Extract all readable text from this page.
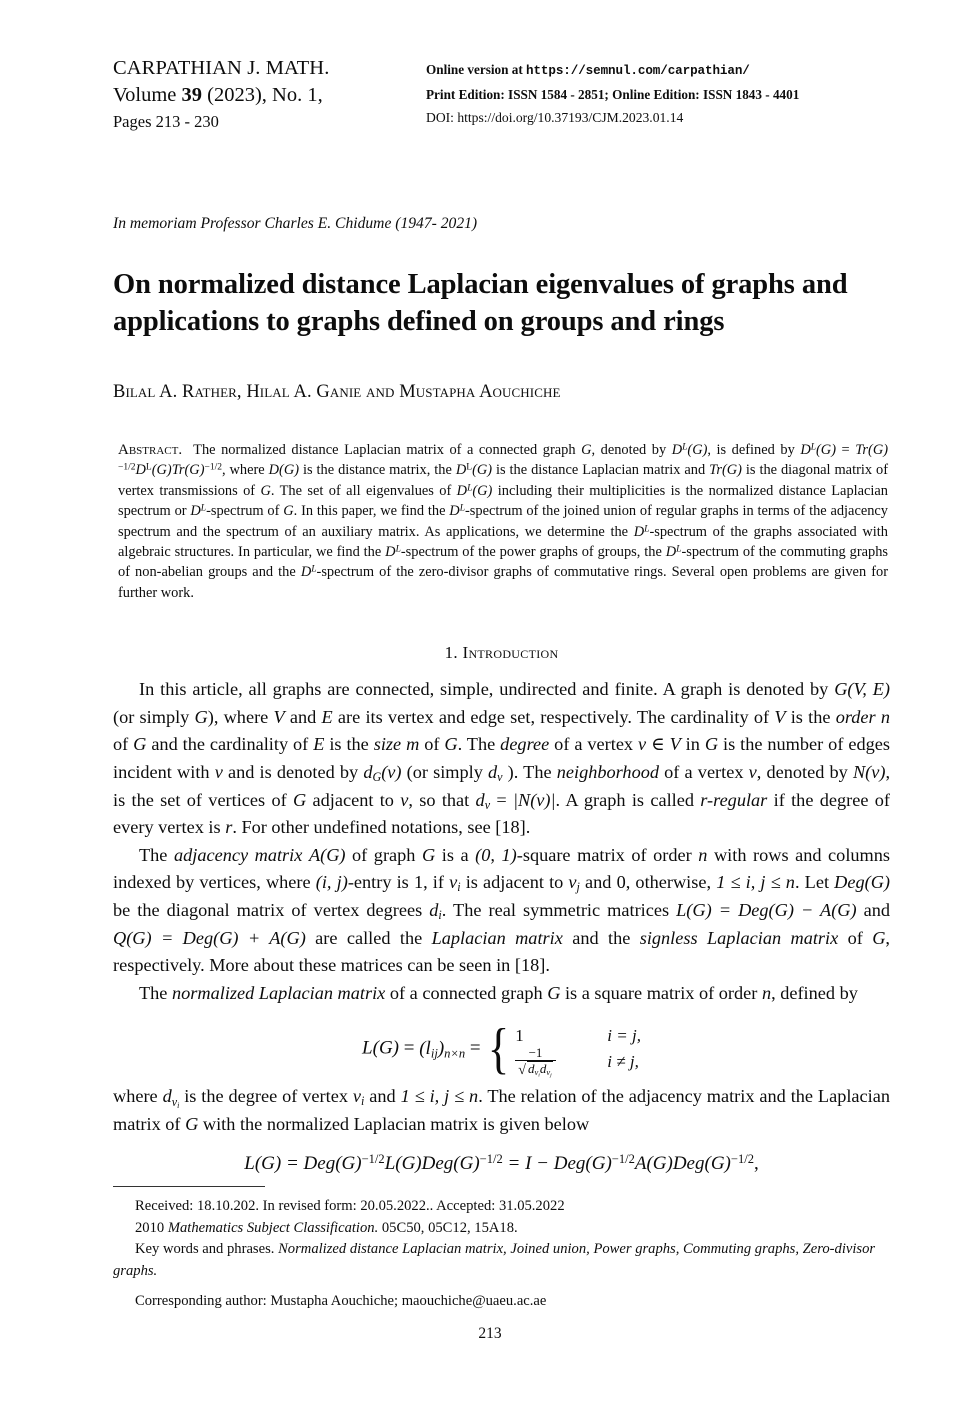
CARPATHIAN J. MATH.
Volume 39 (2023), No. 1,
Pages 213 - 230
Online version at https://semnul.com/carpathian/
Print Edition: ISSN 1584 - 2851; Online Edition: ISSN 1843 - 4401
DOI: https://doi.org/10.37193/CJM.2023.01.14
In memoriam Professor Charles E. Chidume (1947- 2021)
On normalized distance Laplacian eigenvalues of graphs and applications to graphs defined on groups and rings
Bilal A. Rather, Hilal A. Ganie and Mustapha Aouchiche
Abstract.  The normalized distance Laplacian matrix of a connected graph G, denoted by $D^L(G)$, is de​fined by $D^L(G) = Tr(G)^{-1/2}D^L(G)Tr(G)^{-1/2}$, where D(G) is the distance matrix, the $D^L(G)$ is the distance Laplacian matrix and Tr(G) is the diagonal matrix of vertex transmissions of G. The set of all eigenvalues of $D^L(G)$ including their multiplicities is the normalized distance Laplacian spectrum or $D^L$-spectrum of G. In this paper, we find the $D^L$-spectrum of the joined union of regular graphs in terms of the adjacency spectrum and the spectrum of an auxiliary matrix. As applications, we determine the $D^L$-spectrum of the graphs associated with algebraic structures. In particular, we find the $D^L$-spectrum of the power graphs of groups, the $D^L$-spectrum of the commuting graphs of non-abelian groups and the $D^L$-spectrum of the zero-divisor graphs of commutative rings. Several open problems are given for further work.
1. Introduction

In this article, all graphs are connected, simple, undirected and finite. A graph is de​noted by G(V, E) (or simply G), where V and E are its vertex and edge set, respectively. The cardinality of V is the order n of G and the cardinality of E is the size m of G. The degree of a vertex v ∈ V in G is the number of edges incident with v and is denoted by $d_G(v)$ (or simply $d_v$ ). The neighborhood of a vertex v, denoted by N(v), is the set of vertices of G adjacent to v, so that $d_v = |N(v)|$. A graph is called r-regular if the degree of every vertex is r. For other undefined notations, see [18].

The adjacency matrix A(G) of graph G is a (0, 1)-square matrix of order n with rows and columns indexed by vertices, where (i, j)-entry is 1, if $v_i$ is adjacent to $v_j$ and 0, otherwise, 1 ≤ i, j ≤ n. Let Deg(G) be the diagonal matrix of vertex degrees $d_i$. The real symmetric matrices L(G) = Deg(G) − A(G) and Q(G) = Deg(G) + A(G) are called the Laplacian matrix and the signless Laplacian matrix of G, respectively. More about these matrices can be seen in [18].

The normalized Laplacian matrix of a connected graph G is a square matrix of order n, defined by

$L(G) = (l_{ij})_{n\times n}$ = { 1	i = j,
$\frac{-1}{√ d_{v_i}d_{v_j}}$	i ≠ j,

where $d_{v_i}$ is the degree of vertex $v_i$ and 1 ≤ i, j ≤ n. The relation of the adjacency matrix and the Laplacian matrix of G with the normalized Laplacian matrix is given below

$L(G) = Deg(G)^{-1/2}L(G)Deg(G)^{-1/2} = I - Deg(G)^{-1/2}A(G)Deg(G)^{-1/2}$,

Received: 18.10.202. In revised form: 20.05.2022.. Accepted: 31.05.2022

2010 Mathematics Subject Classification. 05C50, 05C12, 15A18.

Key words and phrases. Normalized distance Laplacian matrix, Joined union, Power graphs, Commuting graphs, Zero-divisor graphs.

Corresponding author: Mustapha Aouchiche; maouchiche@uaeu.ac.ae

213
